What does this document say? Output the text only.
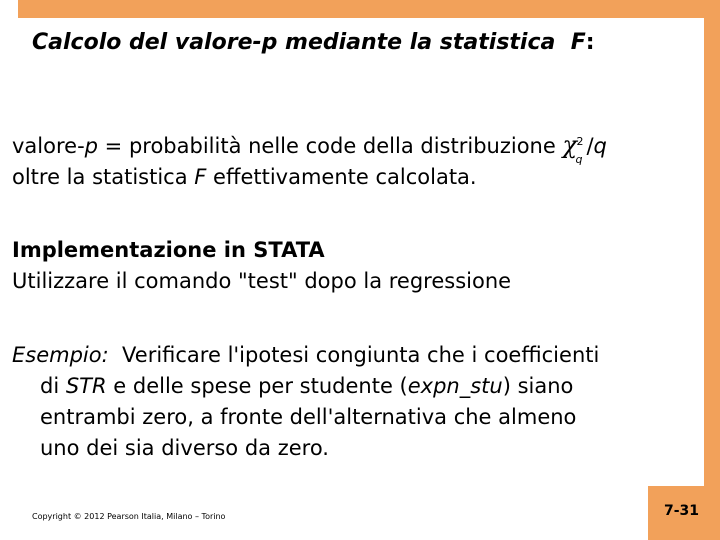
Calcolo del valore-p mediante la statistica F:
valore-p = probabilità nelle code della distribuzione χ 2
q
/q
oltre la statistica F effettivamente calcolata.
Implementazione in STATA
Utilizzare il comando "test" dopo la regressione
Esempio:  Verificare l'ipotesi congiunta che i coefficienti
di STR e delle spese per studente (expn_stu) siano
entrambi zero, a fronte dell'alternativa che almeno
uno dei sia diverso da zero.
Copyright © 2012 Pearson Italia, Milano – Torino	7-31
